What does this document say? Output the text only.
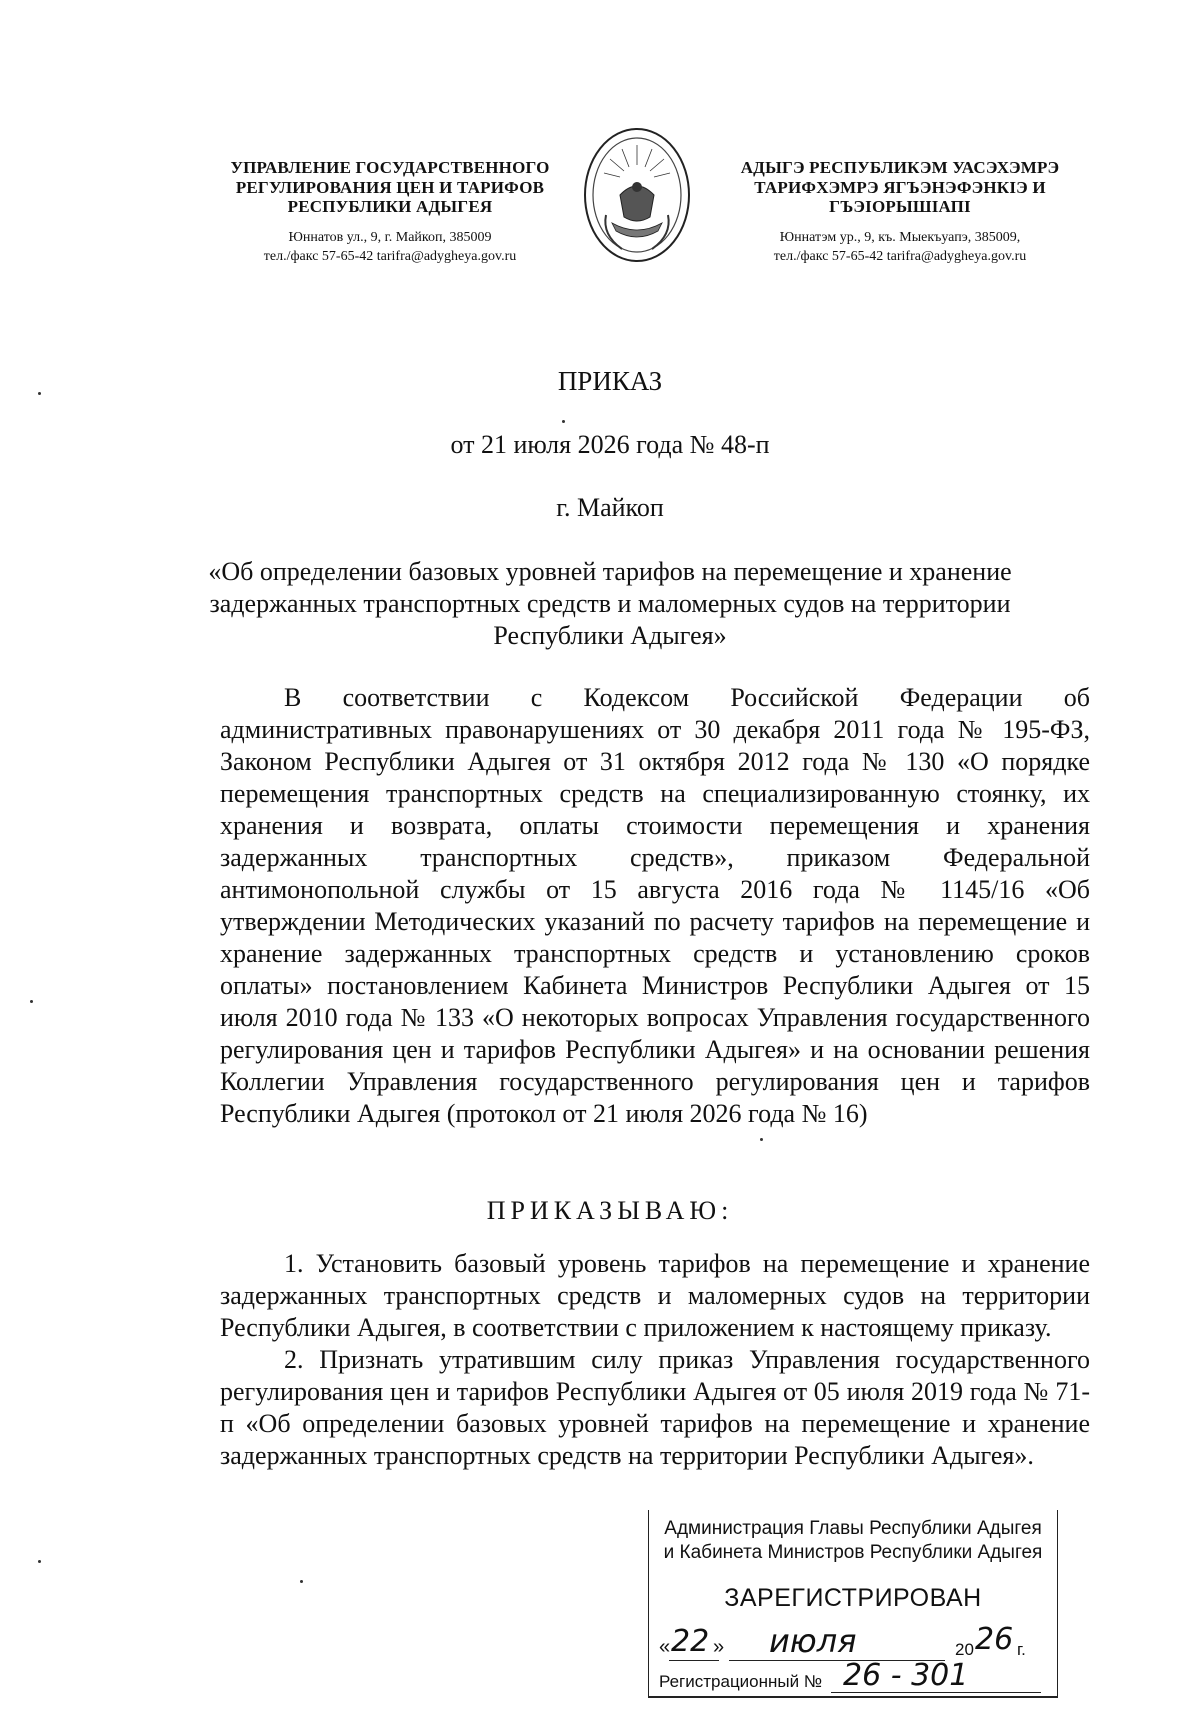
УПРАВЛЕНИЕ ГОСУДАРСТВЕННОГО РЕГУЛИРОВАНИЯ ЦЕН И ТАРИФОВ РЕСПУБЛИКИ АДЫГЕЯ
Юннатов ул., 9, г. Майкоп, 385009
тел./факс 57-65-42 tarifra@adygheya.gov.ru
АДЫГЭ РЕСПУБЛИКЭМ УАСЭХЭМРЭ ТАРИФХЭМРЭ ЯГЪЭНЭФЭНКIЭ И ГЪЭIОРЫШIАПI
Юннатэм ур., 9, къ. Мыекъуапэ, 385009,
тел./факс 57-65-42 tarifra@adygheya.gov.ru
ПРИКАЗ
от 21 июля 2026 года № 48-п
г. Майкоп
«Об определении базовых уровней тарифов на перемещение и хранение задержанных транспортных средств и маломерных судов на территории Республики Адыгея»

В соответствии с Кодексом Российской Федерации об административных правонарушениях от 30 декабря 2011 года № 195-ФЗ, Законом Республики Адыгея от 31 октября 2012 года № 130 «О порядке перемещения транспортных средств на специализированную стоянку, их хранения и возврата, оплаты стоимости перемещения и хранения задержанных транспортных средств», приказом Федеральной антимонопольной службы от 15 августа 2016 года № 1145/16 «Об утверждении Методических указаний по расчету тарифов на перемещение и хранение задержанных транспортных средств и установлению сроков оплаты» постановлением Кабинета Министров Республики Адыгея от 15 июля 2010 года № 133 «О некоторых вопросах Управления государственного регулирования цен и тарифов Республики Адыгея» и на основании решения Коллегии Управления государственного регулирования цен и тарифов Республики Адыгея (протокол от 21 июля 2026 года № 16)

ПРИКАЗЫВАЮ:

1. Установить базовый уровень тарифов на перемещение и хранение задержанных транспортных средств и маломерных судов на территории Республики Адыгея, в соответствии с приложением к настоящему приказу.

2. Признать утратившим силу приказ Управления государственного регулирования цен и тарифов Республики Адыгея от 05 июля 2019 года № 71-п «Об определении базовых уровней тарифов на перемещение и хранение задержанных транспортных средств на территории Республики Адыгея».

Администрация Главы Республики Адыгея
и Кабинета Министров Республики Адыгея
ЗАРЕГИСТРИРОВАН
« 22 » июля	20 26 г.
Регистрационный № 26 - 301
